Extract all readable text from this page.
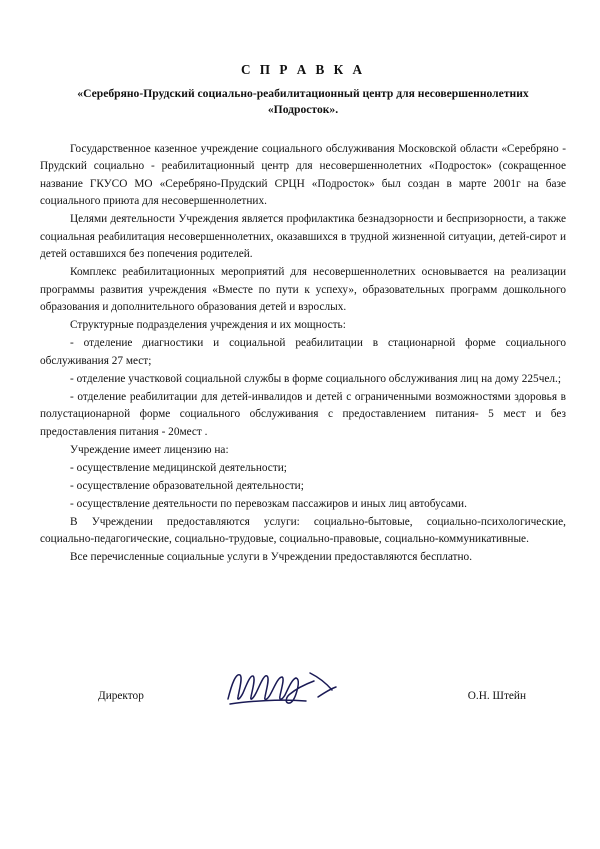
С П Р А В К А
«Серебряно-Прудский социально-реабилитационный центр для несовершеннолетних «Подросток».

Государственное казенное учреждение социального обслуживания Московской области «Серебряно - Прудский социально - реабилитационный центр для несовершеннолетних «Подросток» (сокращенное название ГКУСО МО «Серебряно-Прудский СРЦН «Подросток» был создан в марте 2001г на базе социального приюта для несовершеннолетних.

Целями деятельности Учреждения является профилактика безнадзорности и беспризорности, а также социальная реабилитация несовершеннолетних, оказавшихся в трудной жизненной ситуации, детей-сирот и детей оставшихся без попечения родителей.

Комплекс реабилитационных мероприятий для несовершеннолетних основывается на реализации программы развития учреждения «Вместе по пути к успеху», образовательных программ дошкольного образования и дополнительного образования детей и взрослых.

Структурные подразделения учреждения и их мощность:

- отделение диагностики и социальной реабилитации в стационарной форме социального обслуживания 27 мест;

- отделение участковой социальной службы в форме социального обслуживания лиц на дому 225чел.;

- отделение реабилитации для детей-инвалидов и детей с ограниченными возможностями здоровья в полустационарной форме социального обслуживания с предоставлением питания- 5 мест и без предоставления питания - 20мест .

Учреждение имеет лицензию на:

- осуществление медицинской деятельности;

- осуществление образовательной деятельности;

- осуществление деятельности по перевозкам пассажиров и иных лиц автобусами.

В Учреждении предоставляются услуги: социально-бытовые, социально-психологические, социально-педагогические, социально-трудовые, социально-правовые, социально-коммуникативные.

Все перечисленные социальные услуги в Учреждении предоставляются бесплатно.

Директор	О.Н. Штейн
